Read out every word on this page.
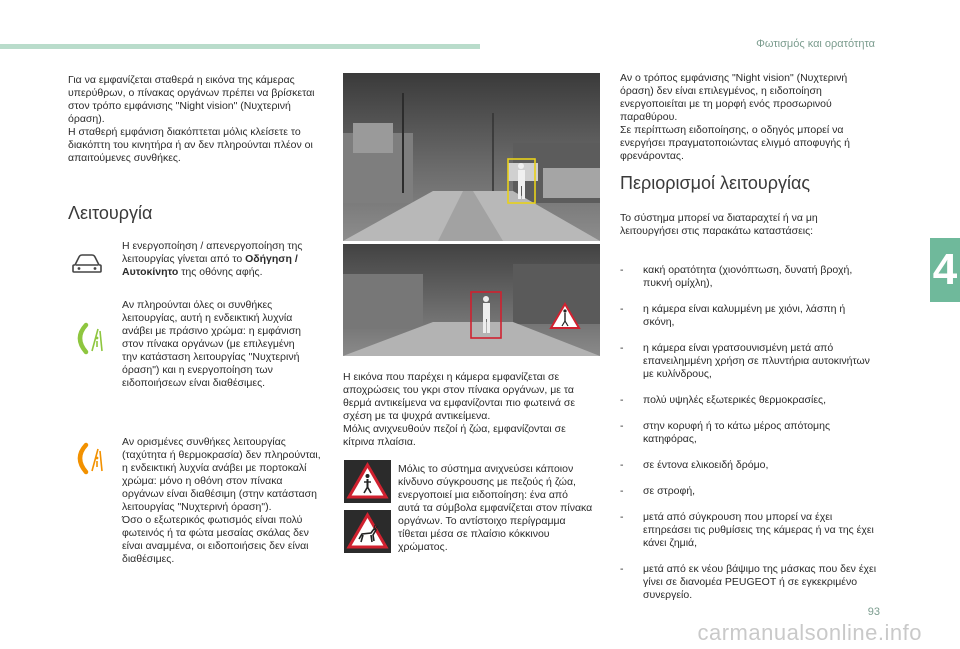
Φωτισμός και ορατότητα
4
Για να εμφανίζεται σταθερά η εικόνα της κάμερας
υπερύθρων, ο πίνακας οργάνων πρέπει να βρίσκεται
στον τρόπο εμφάνισης "Night vision" (Νυχτερινή
όραση).
Η σταθερή εμφάνιση διακόπτεται μόλις κλείσετε το
διακόπτη του κινητήρα ή αν δεν πληρούνται πλέον οι
απαιτούμενες συνθήκες.
Λειτουργία
Η ενεργοποίηση / απενεργοποίηση της
λειτουργίας γίνεται από το Οδήγηση /
Αυτοκίνητο της οθόνης αφής.
Αν πληρούνται όλες οι συνθήκες
λειτουργίας, αυτή η ενδεικτική λυχνία
ανάβει με πράσινο χρώμα: η εμφάνιση
στον πίνακα οργάνων (με επιλεγμένη
την κατάσταση λειτουργίας "Νυχτερινή
όραση") και η ενεργοποίηση των
ειδοποιήσεων είναι διαθέσιμες.
Αν ορισμένες συνθήκες λειτουργίας
(ταχύτητα ή θερμοκρασία) δεν πληρούνται,
η ενδεικτική λυχνία ανάβει με πορτοκαλί
χρώμα: μόνο η οθόνη στον πίνακα
οργάνων είναι διαθέσιμη (στην κατάσταση
λειτουργίας "Νυχτερινή όραση").
Όσο ο εξωτερικός φωτισμός είναι πολύ
φωτεινός ή τα φώτα μεσαίας σκάλας δεν
είναι αναμμένα, οι ειδοποιήσεις δεν είναι
διαθέσιμες.
Η εικόνα που παρέχει η κάμερα εμφανίζεται σε
αποχρώσεις του γκρι στον πίνακα οργάνων, με τα
θερμά αντικείμενα να εμφανίζονται πιο φωτεινά σε
σχέση με τα ψυχρά αντικείμενα.
Μόλις ανιχνευθούν πεζοί ή ζώα, εμφανίζονται σε
κίτρινα πλαίσια.
Μόλις το σύστημα ανιχνεύσει κάποιον
κίνδυνο σύγκρουσης με πεζούς ή ζώα,
ενεργοποιεί μια ειδοποίηση: ένα από
αυτά τα σύμβολα εμφανίζεται στον πίνακα
οργάνων. Το αντίστοιχο περίγραμμα
τίθεται μέσα σε πλαίσιο κόκκινου
χρώματος.
Αν ο τρόπος εμφάνισης "Night vision" (Νυχτερινή
όραση) δεν είναι επιλεγμένος, η ειδοποίηση
ενεργοποιείται με τη μορφή ενός προσωρινού
παραθύρου.
Σε περίπτωση ειδοποίησης, ο οδηγός μπορεί να
ενεργήσει πραγματοποιώντας ελιγμό αποφυγής ή
φρενάροντας.
Περιορισμοί λειτουργίας

Το σύστημα μπορεί να διαταραχτεί ή να μη
λειτουργήσει στις παρακάτω καταστάσεις:

- κακή ορατότητα (χιονόπτωση, δυνατή βροχή,
πυκνή ομίχλη),

- η κάμερα είναι καλυμμένη με χιόνι, λάσπη ή σκόνη,

- η κάμερα είναι γρατσουνισμένη μετά από
επανειλημμένη χρήση σε πλυντήρια αυτοκινήτων
με κυλίνδρους,

- πολύ υψηλές εξωτερικές θερμοκρασίες,

- στην κορυφή ή το κάτω μέρος απότομης
κατηφόρας,

- σε έντονα ελικοειδή δρόμο,

- σε στροφή,

- μετά από σύγκρουση που μπορεί να έχει
επηρεάσει τις ρυθμίσεις της κάμερας ή να της έχει
κάνει ζημιά,

- μετά από εκ νέου βάψιμο της μάσκας που δεν έχει
γίνει σε διανομέα PEUGEOT ή σε εγκεκριμένο
συνεργείο.

93
carmanualsonline.info
